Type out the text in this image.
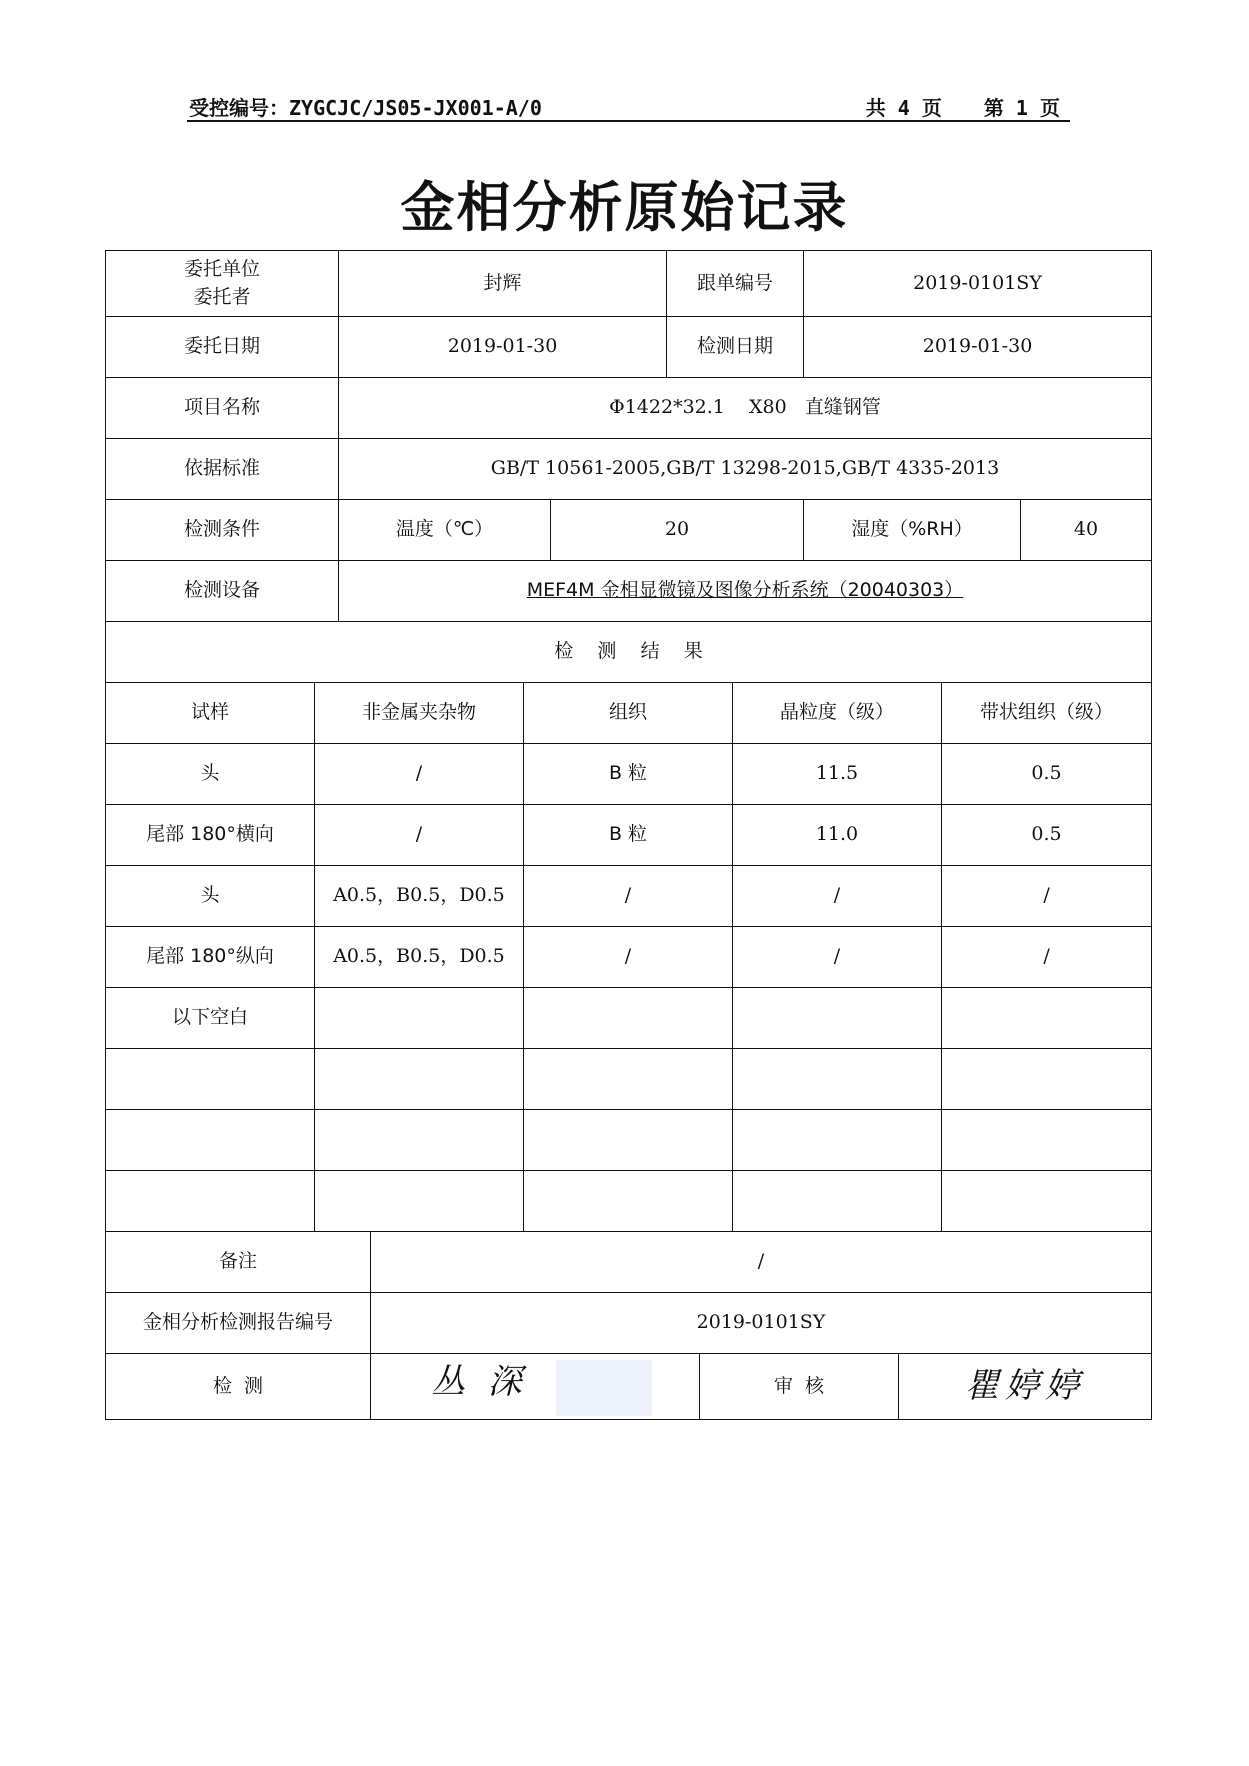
受控编号：ZYGCJC/JS05-JX001-A/0	共 4 页 第 1 页
金相分析原始记录
委托单位
委托者	封辉		跟单编号	2019-0101SY	
委托日期	2019-01-30		检测日期	2019-01-30	
项目名称	Φ1422*32.1    X80   直缝钢管				
依据标准	GB/T 10561-2005,GB/T 13298-2015,GB/T 4335-2013				
检测条件	温度（℃）	20		湿度（%RH）	40
检测设备	MEF4M 金相显微镜及图像分析系统（20040303）				
检    测    结    果				
试样	非金属夹杂物	组织	晶粒度（级）	带状组织（级）
头	/	B 粒	11.5	0.5
尾部 180°横向	/	B 粒	11.0	0.5
头	A0.5，B0.5，D0.5	/	/	/
尾部 180°纵向	A0.5，B0.5，D0.5	/	/	/
以下空白				

备注	/		
金相分析检测报告编号	2019-0101SY		
检  测	丛 深	审  核	瞿婷婷
